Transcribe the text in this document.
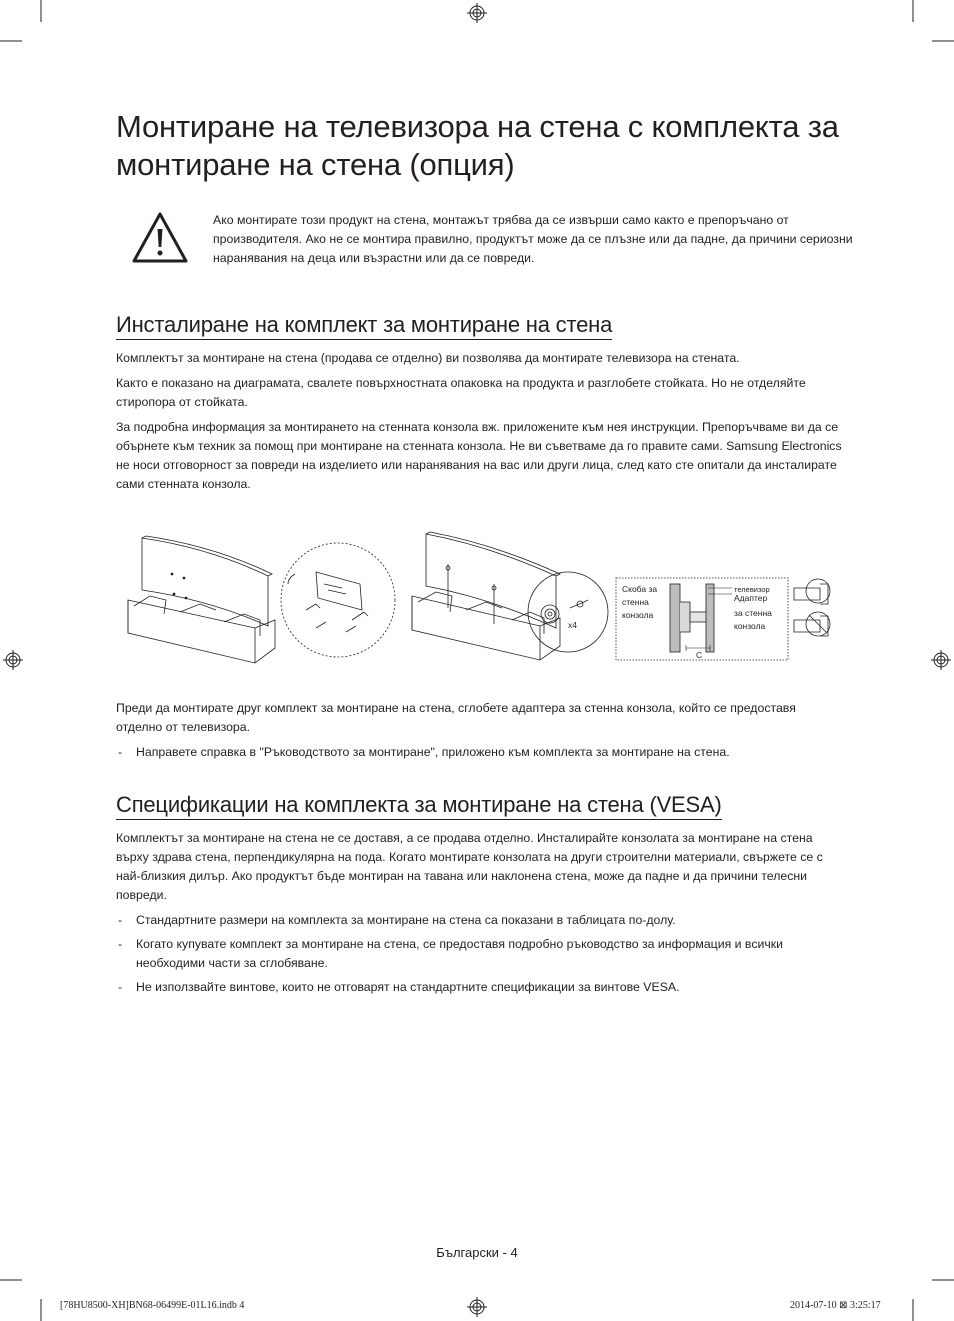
Монтиране на телевизора на стена с комплекта за монтиране на стена (опция)
Ако монтирате този продукт на стена, монтажът трябва да се извърши само както е препоръчано от производителя. Ако не се монтира правилно, продуктът може да се плъзне или да падне, да причини сериозни наранявания на деца или възрастни или да се повреди.
Инсталиране на комплект за монтиране на стена

Комплектът за монтиране на стена (продава се отделно) ви позволява да монтирате телевизора на стената.

Както е показано на диаграмата, свалете повърхностната опаковка на продукта и разглобете стойката. Но не отделяйте стиропора от стойката.

За подробна информация за монтирането на стенната конзола вж. приложените към нея инструкции. Препоръчваме ви да се обърнете към техник за помощ при монтиране на стенната конзола. Не ви съветваме да го правите сами. Samsung Electronics не носи отговорност за повреди на изделието или наранявания на вас или други лица, след като сте опитали да инсталирате сами стенната конзола.

x4
Скоба за
стенна
конзола
телевизор
Адаптер
за стенна
конзола
C

Преди да монтирате друг комплект за монтиране на стена, сглобете адаптера за стенна конзола, който се предоставя отделно от телевизора.

-	Направете справка в "Ръководството за монтиране", приложено към комплекта за монтиране на стена.
Спецификации на комплекта за монтиране на стена (VESA)

Комплектът за монтиране на стена не се доставя, а се продава отделно. Инсталирайте конзолата за монтиране на стена върху здрава стена, перпендикулярна на пода. Когато монтирате конзолата на други строителни материали, свържете се с най-близкия дилър. Ако продуктът бъде монтиран на тавана или наклонена стена, може да падне и да причини телесни повреди.

-	Стандартните размери на комплекта за монтиране на стена са показани в таблицата по-долу.
-	Когато купувате комплект за монтиране на стена, се предоставя подробно ръководство за информация и всички необходими части за сглобяване.
-	Не използвайте винтове, които не отговарят на стандартните спецификации за винтове VESA.
Български - 4
[78HU8500-XH]BN68-06499E-01L16.indb 4	2014-07-10 ⊠ 3:25:17
